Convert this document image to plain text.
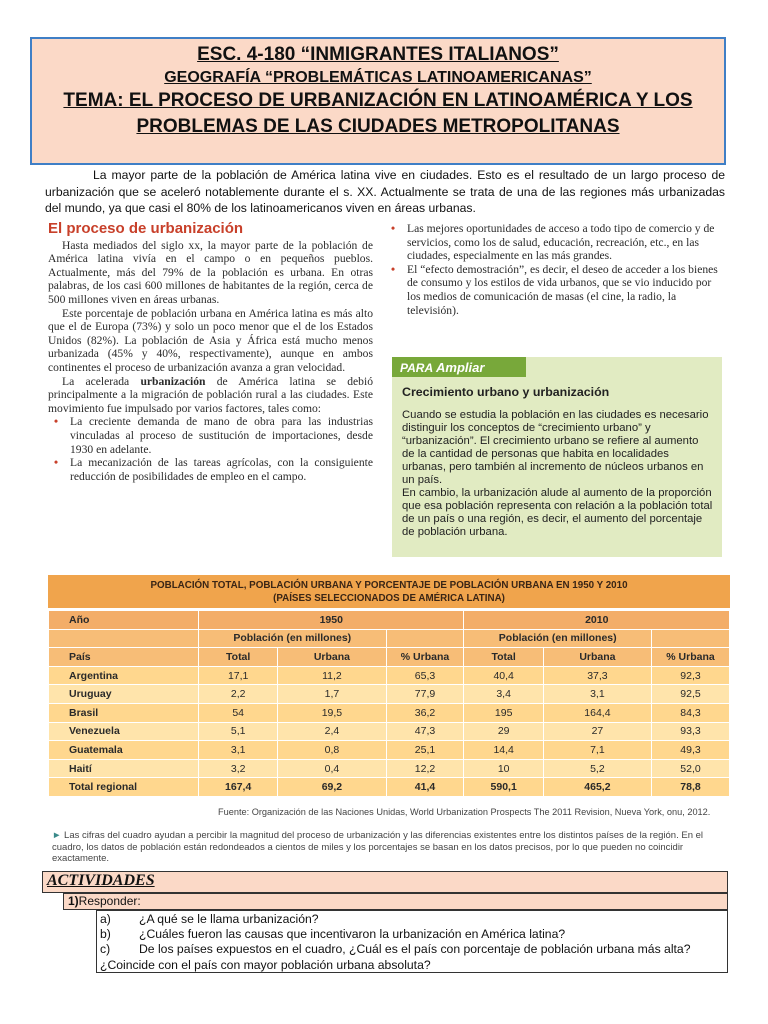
ESC. 4-180 “INMIGRANTES ITALIANOS”
GEOGRAFÍA “PROBLEMÁTICAS LATINOAMERICANAS”
TEMA: EL PROCESO DE URBANIZACIÓN EN LATINOAMÉRICA Y LOS
PROBLEMAS DE LAS CIUDADES METROPOLITANAS
La mayor parte de la población de América latina vive en ciudades. Esto es el resultado de un largo proceso de urbanización que se aceleró notablemente durante el s. XX. Actualmente se trata de una de las regiones más urbanizadas del mundo, ya que casi el 80% de los latinoamericanos viven en áreas urbanas.
El proceso de urbanización

Hasta mediados del siglo xx, la mayor parte de la población de América latina vivía en el campo o en pequeños pueblos. Actualmente, más del 79% de la población es urbana. En otras palabras, de los casi 600 millones de habitantes de la región, cerca de 500 millones viven en áreas urbanas.

Este porcentaje de población urbana en América latina es más alto que el de Europa (73%) y solo un poco menor que el de los Estados Unidos (82%). La población de Asia y África está mucho menos urbanizada (45% y 40%, respectivamente), aunque en ambos continentes el proceso de urbanización avanza a gran velocidad.

La acelerada urbanización de América latina se debió principalmente a la migración de población rural a las ciudades. Este movimiento fue impulsado por varios factores, tales como:

• La creciente demanda de mano de obra para las industrias vinculadas al proceso de sustitución de importaciones, desde 1930 en adelante.
• La mecanización de las tareas agrícolas, con la consiguiente reducción de posibilidades de empleo en el campo.
• Las mejores oportunidades de acceso a todo tipo de comercio y de servicios, como los de salud, educación, recreación, etc., en las ciudades, especialmente en las más grandes.
• El “efecto demostración”, es decir, el deseo de acceder a los bienes de consumo y los estilos de vida urbanos, que se vio inducido por los medios de comunicación de masas (el cine, la radio, la televisión).
PARA Ampliar
Crecimiento urbano y urbanización
Cuando se estudia la población en las ciudades es necesario distinguir los conceptos de “crecimiento urbano” y “urbanización”. El crecimiento urbano se refiere al aumento de la cantidad de personas que habita en localidades urbanas, pero también al incremento de núcleos urbanos en un país.
En cambio, la urbanización alude al aumento de la proporción que esa población representa con relación a la población total de un país o una región, es decir, el aumento del porcentaje de población urbana.
POBLACIÓN TOTAL, POBLACIÓN URBANA Y PORCENTAJE DE POBLACIÓN URBANA EN 1950 Y 2010
(PAÍSES SELECCIONADOS DE AMÉRICA LATINA)
Año	1950			2010		
	Población (en millones)			Población (en millones)		
País	Total	Urbana	% Urbana	Total	Urbana	% Urbana
Argentina	17,1	11,2	65,3	40,4	37,3	92,3
Uruguay	2,2	1,7	77,9	3,4	3,1	92,5
Brasil	54	19,5	36,2	195	164,4	84,3
Venezuela	5,1	2,4	47,3	29	27	93,3
Guatemala	3,1	0,8	25,1	14,4	7,1	49,3
Haití	3,2	0,4	12,2	10	5,2	52,0
Total regional	167,4	69,2	41,4	590,1	465,2	78,8
Fuente: Organización de las Naciones Unidas, World Urbanization Prospects The 2011 Revision, Nueva York, onu, 2012.
► Las cifras del cuadro ayudan a percibir la magnitud del proceso de urbanización y las diferencias existentes entre los distintos países de la región. En el cuadro, los datos de población están redondeados a cientos de miles y los porcentajes se basan en los datos precisos, por lo que pueden no coincidir exactamente.
ACTIVIDADES
1)Responder:
a) ¿A qué se le llama urbanización?
b) ¿Cuáles fueron las causas que incentivaron la urbanización en América latina?
c) De los países expuestos en el cuadro, ¿Cuál es el país con porcentaje de población urbana más alta?
¿Coincide con el país con mayor población urbana absoluta?
